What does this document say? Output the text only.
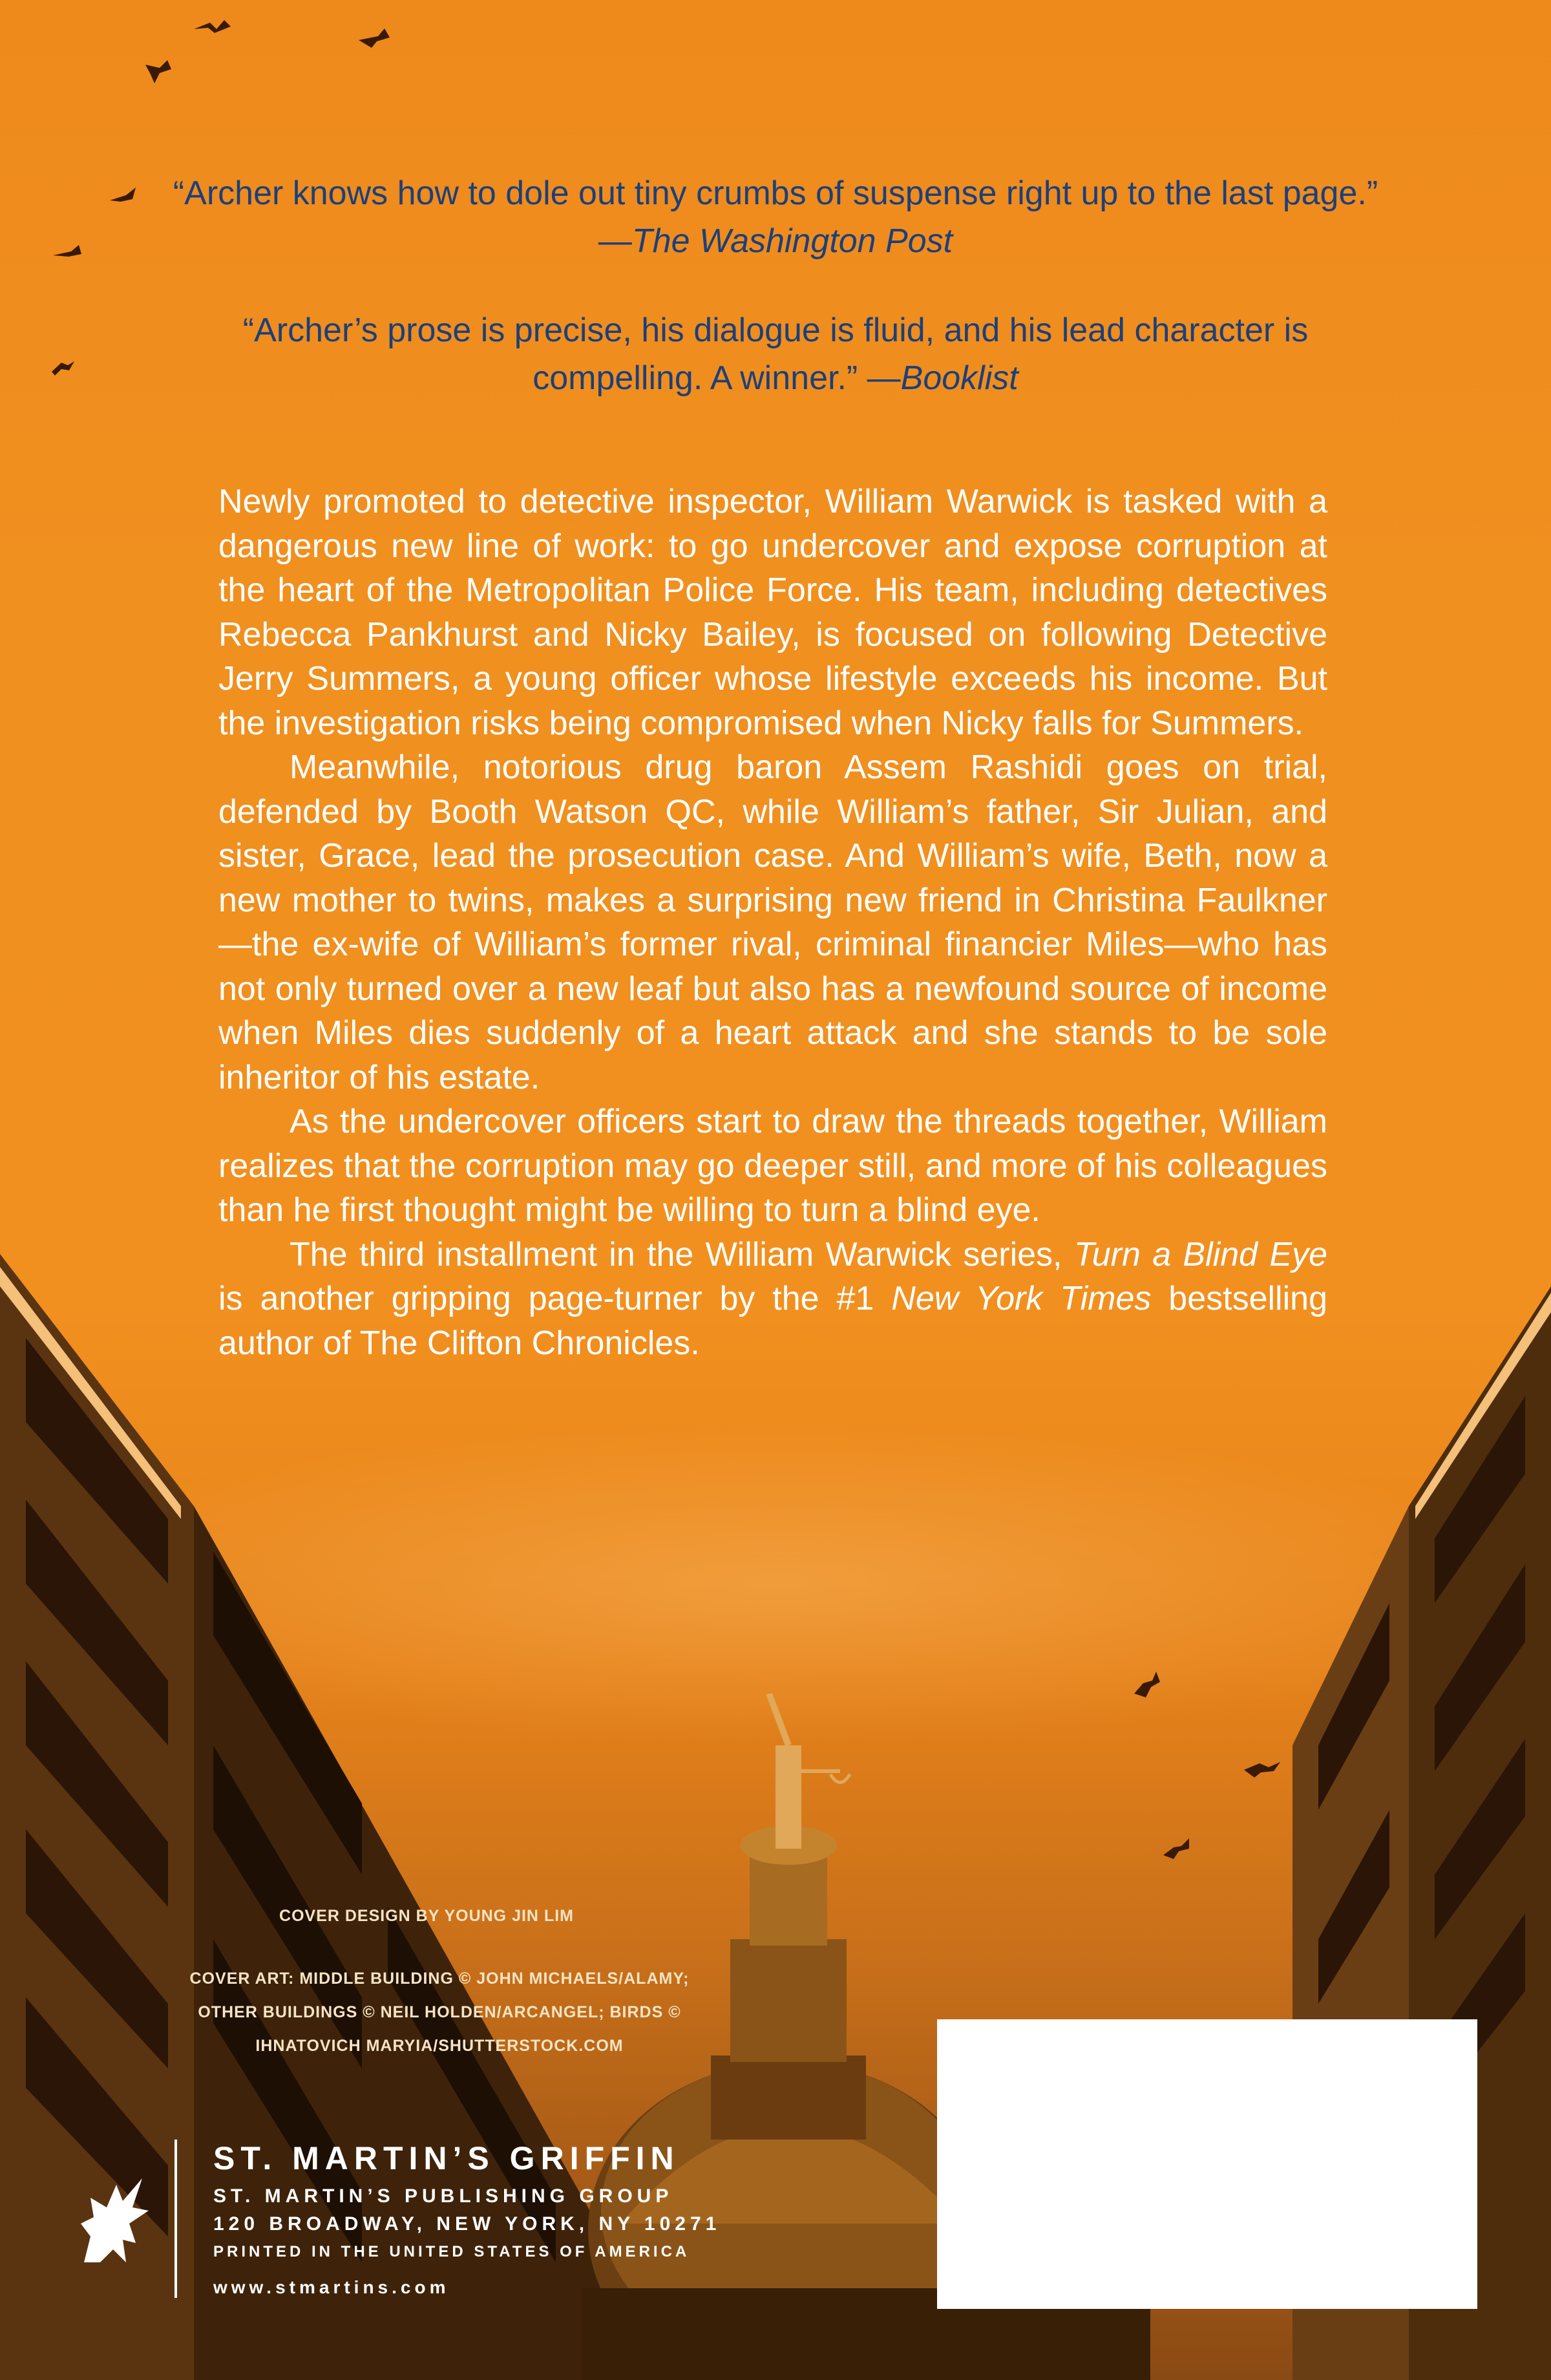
“Archer knows how to dole out tiny crumbs of suspense right up to the last page.” —The Washington Post

“Archer’s prose is precise, his dialogue is fluid, and his lead character is compelling. A winner.” —Booklist

Newly promoted to detective inspector, William Warwick is tasked with a dangerous new line of work: to go undercover and expose corruption at the heart of the Metropolitan Police Force. His team, including detectives Rebecca Pankhurst and Nicky Bailey, is focused on following Detective Jerry Summers, a young officer whose lifestyle exceeds his income. But the investigation risks being compromised when Nicky falls for Summers.

Meanwhile, notorious drug baron Assem Rashidi goes on trial, defended by Booth Watson QC, while William’s father, Sir Julian, and sister, Grace, lead the prosecution case. And William’s wife, Beth, now a new mother to twins, makes a surprising new friend in Christina Faulkner—the ex-wife of William’s former rival, criminal financier Miles—who has not only turned over a new leaf but also has a newfound source of income when Miles dies suddenly of a heart attack and she stands to be sole inheritor of his estate.

As the undercover officers start to draw the threads together, William realizes that the corruption may go deeper still, and more of his colleagues than he first thought might be willing to turn a blind eye.

The third installment in the William Warwick series, Turn a Blind Eye is another gripping page-turner by the #1 New York Times bestselling author of The Clifton Chronicles.

COVER DESIGN BY YOUNG JIN LIM
COVER ART: MIDDLE BUILDING © JOHN MICHAELS/ALAMY;
OTHER BUILDINGS © NEIL HOLDEN/ARCANGEL; BIRDS ©
IHNATOVICH MARYIA/SHUTTERSTOCK.COM
ST. MARTIN’S GRIFFIN
ST. MARTIN’S PUBLISHING GROUP
120 BROADWAY, NEW YORK, NY 10271
PRINTED IN THE UNITED STATES OF AMERICA
www.stmartins.com
